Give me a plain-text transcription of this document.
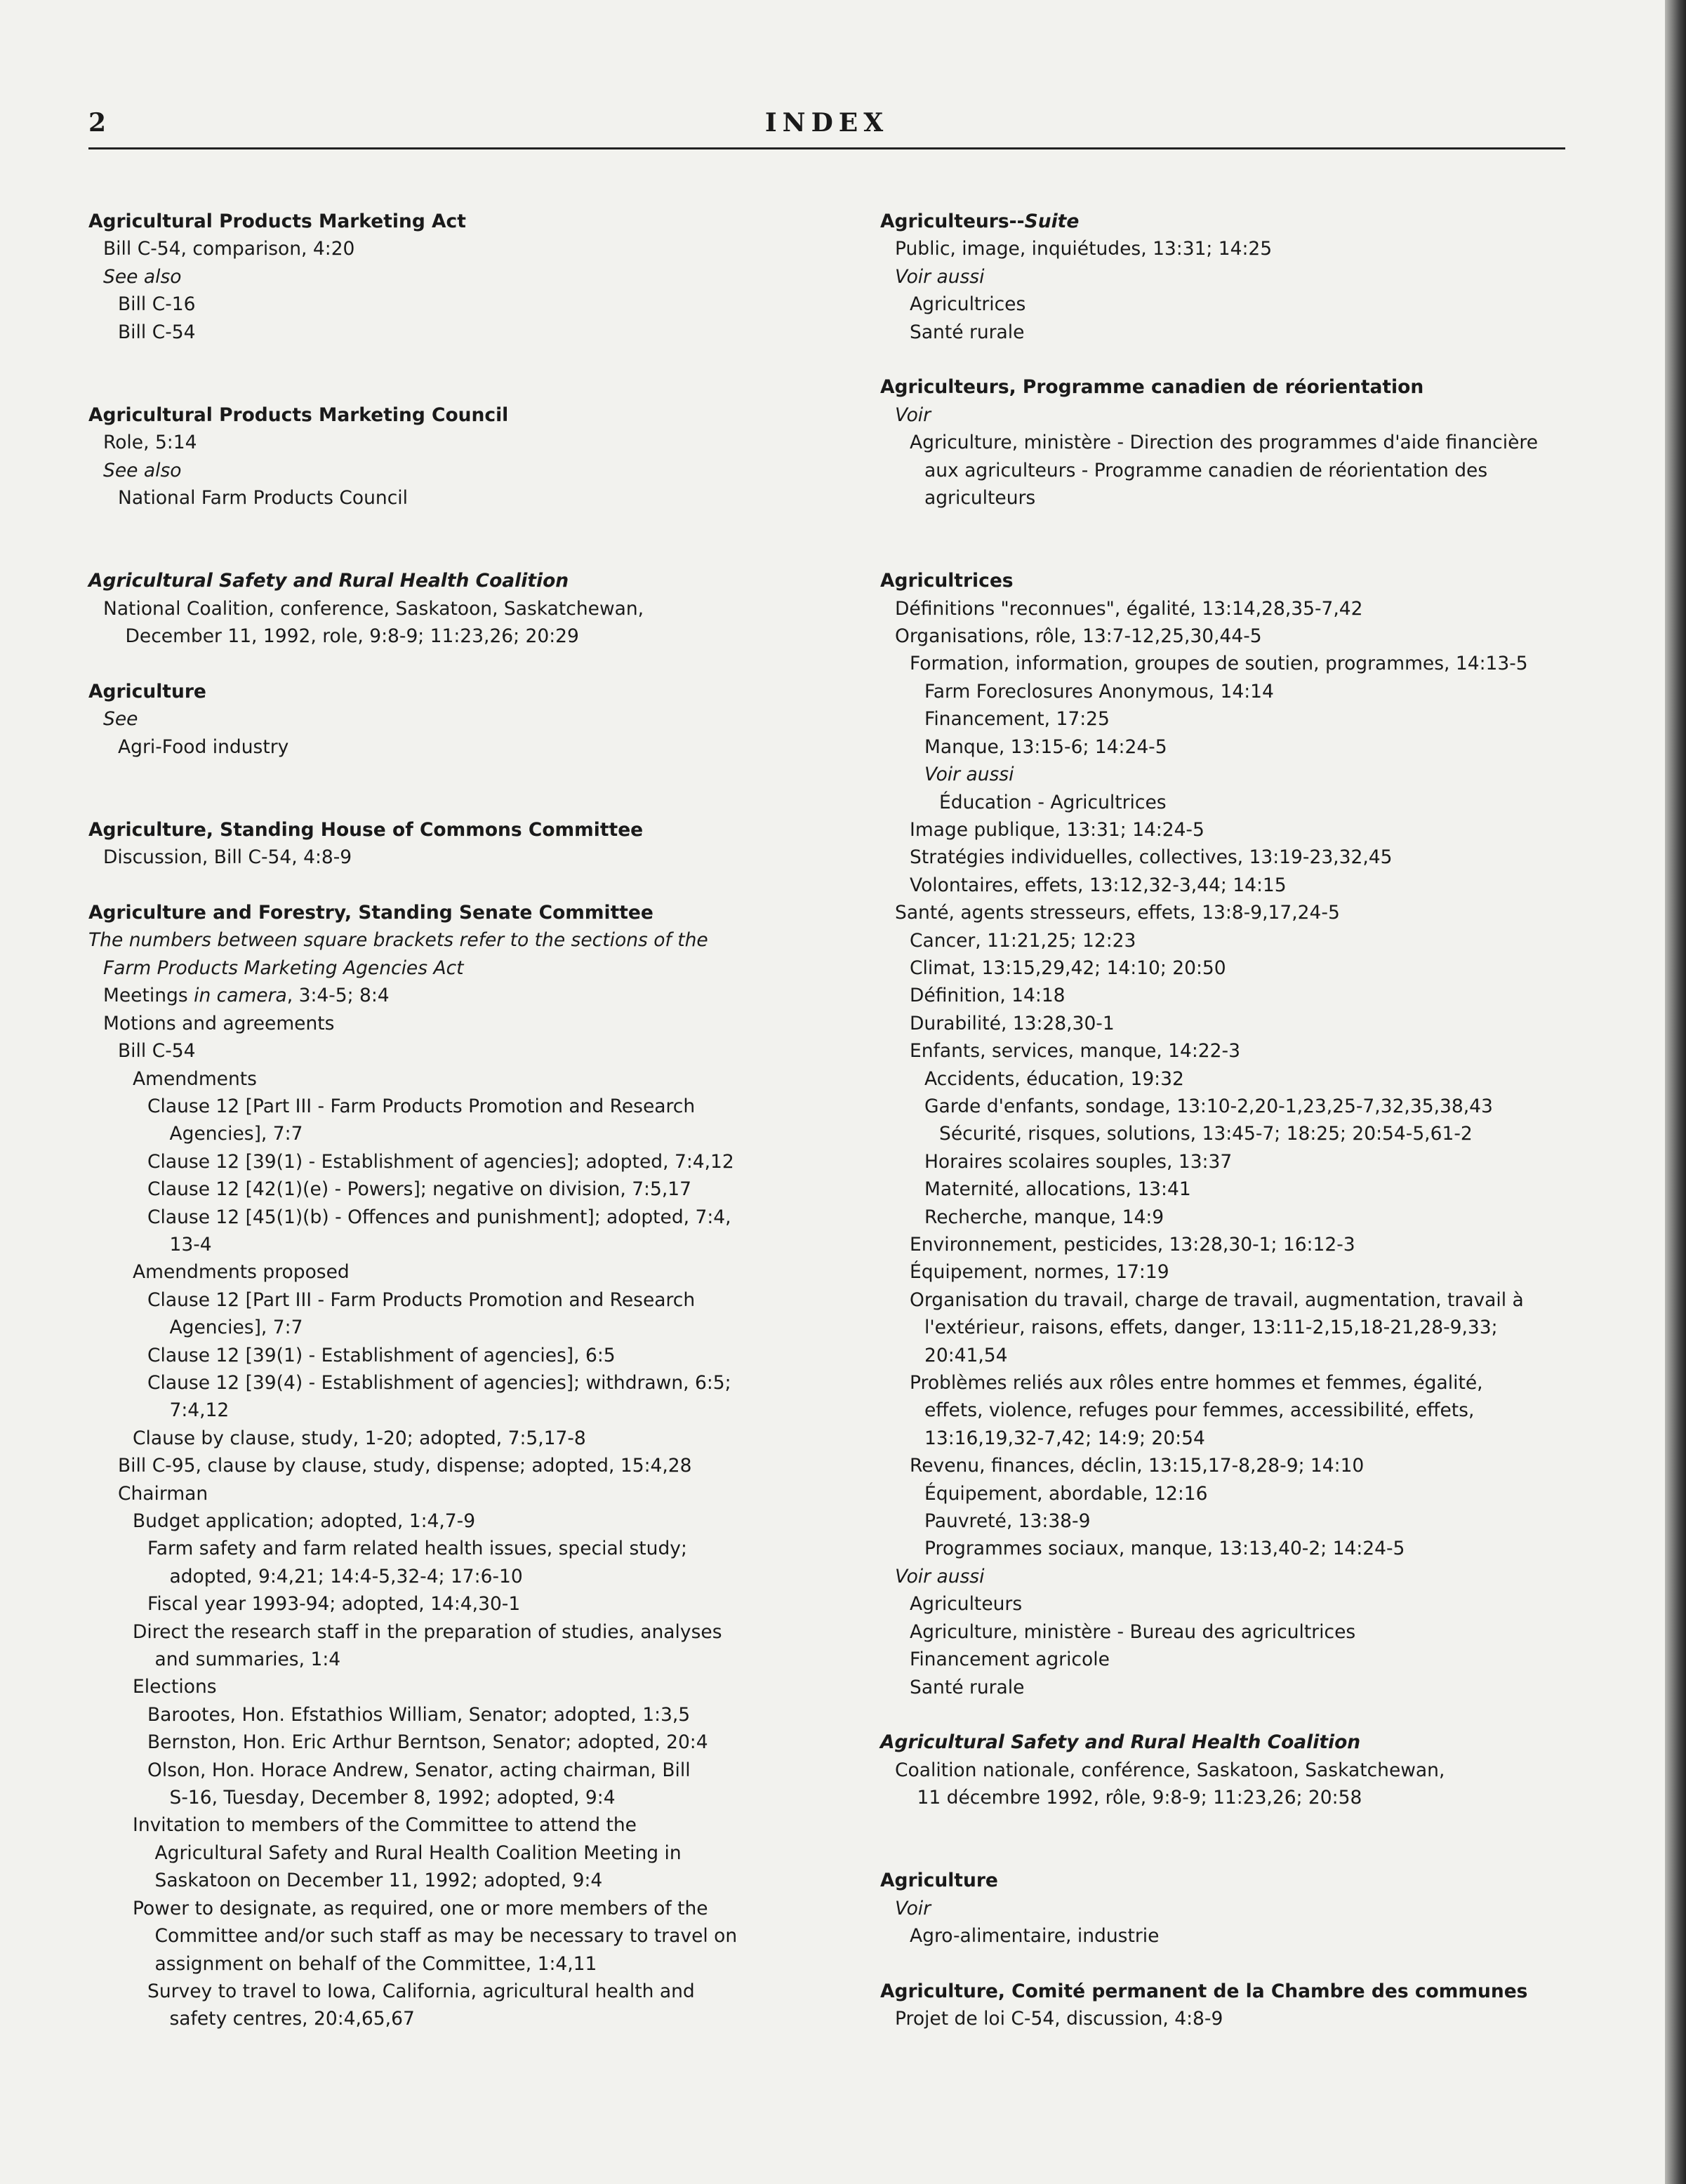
2	INDEX
Agricultural Products Marketing Act
Bill C-54, comparison, 4:20
See also
Bill C-16
Bill C-54
Agricultural Products Marketing Council
Role, 5:14
See also
National Farm Products Council
Agricultural Safety and Rural Health Coalition
National Coalition, conference, Saskatoon, Saskatchewan,
December 11, 1992, role, 9:8-9; 11:23,26; 20:29
Agriculture
See
Agri-Food industry
Agriculture, Standing House of Commons Committee
Discussion, Bill C-54, 4:8-9
Agriculture and Forestry, Standing Senate Committee
The numbers between square brackets refer to the sections of the
Farm Products Marketing Agencies Act
Meetings in camera, 3:4-5; 8:4
Motions and agreements
Bill C-54
Amendments
Clause 12 [Part III - Farm Products Promotion and Research
Agencies], 7:7
Clause 12 [39(1) - Establishment of agencies]; adopted, 7:4,12
Clause 12 [42(1)(e) - Powers]; negative on division, 7:5,17
Clause 12 [45(1)(b) - Offences and punishment]; adopted, 7:4,
13-4
Amendments proposed
Clause 12 [Part III - Farm Products Promotion and Research
Agencies], 7:7
Clause 12 [39(1) - Establishment of agencies], 6:5
Clause 12 [39(4) - Establishment of agencies]; withdrawn, 6:5;
7:4,12
Clause by clause, study, 1-20; adopted, 7:5,17-8
Bill C-95, clause by clause, study, dispense; adopted, 15:4,28
Chairman
Budget application; adopted, 1:4,7-9
Farm safety and farm related health issues, special study;
adopted, 9:4,21; 14:4-5,32-4; 17:6-10
Fiscal year 1993-94; adopted, 14:4,30-1
Direct the research staff in the preparation of studies, analyses
and summaries, 1:4
Elections
Barootes, Hon. Efstathios William, Senator; adopted, 1:3,5
Bernston, Hon. Eric Arthur Berntson, Senator; adopted, 20:4
Olson, Hon. Horace Andrew, Senator, acting chairman, Bill
S-16, Tuesday, December 8, 1992; adopted, 9:4
Invitation to members of the Committee to attend the
Agricultural Safety and Rural Health Coalition Meeting in
Saskatoon on December 11, 1992; adopted, 9:4
Power to designate, as required, one or more members of the
Committee and/or such staff as may be necessary to travel on
assignment on behalf of the Committee, 1:4,11
Survey to travel to Iowa, California, agricultural health and
safety centres, 20:4,65,67
Agriculteurs--Suite
Public, image, inquiétudes, 13:31; 14:25
Voir aussi
Agricultrices
Santé rurale
Agriculteurs, Programme canadien de réorientation
Voir
Agriculture, ministère - Direction des programmes d'aide financière
aux agriculteurs - Programme canadien de réorientation des
agriculteurs
Agricultrices
Définitions "reconnues", égalité, 13:14,28,35-7,42
Organisations, rôle, 13:7-12,25,30,44-5
Formation, information, groupes de soutien, programmes, 14:13-5
Farm Foreclosures Anonymous, 14:14
Financement, 17:25
Manque, 13:15-6; 14:24-5
Voir aussi
Éducation - Agricultrices
Image publique, 13:31; 14:24-5
Stratégies individuelles, collectives, 13:19-23,32,45
Volontaires, effets, 13:12,32-3,44; 14:15
Santé, agents stresseurs, effets, 13:8-9,17,24-5
Cancer, 11:21,25; 12:23
Climat, 13:15,29,42; 14:10; 20:50
Définition, 14:18
Durabilité, 13:28,30-1
Enfants, services, manque, 14:22-3
Accidents, éducation, 19:32
Garde d'enfants, sondage, 13:10-2,20-1,23,25-7,32,35,38,43
Sécurité, risques, solutions, 13:45-7; 18:25; 20:54-5,61-2
Horaires scolaires souples, 13:37
Maternité, allocations, 13:41
Recherche, manque, 14:9
Environnement, pesticides, 13:28,30-1; 16:12-3
Équipement, normes, 17:19
Organisation du travail, charge de travail, augmentation, travail à
l'extérieur, raisons, effets, danger, 13:11-2,15,18-21,28-9,33;
20:41,54
Problèmes reliés aux rôles entre hommes et femmes, égalité,
effets, violence, refuges pour femmes, accessibilité, effets,
13:16,19,32-7,42; 14:9; 20:54
Revenu, finances, déclin, 13:15,17-8,28-9; 14:10
Équipement, abordable, 12:16
Pauvreté, 13:38-9
Programmes sociaux, manque, 13:13,40-2; 14:24-5
Voir aussi
Agriculteurs
Agriculture, ministère - Bureau des agricultrices
Financement agricole
Santé rurale
Agricultural Safety and Rural Health Coalition
Coalition nationale, conférence, Saskatoon, Saskatchewan,
11 décembre 1992, rôle, 9:8-9; 11:23,26; 20:58
Agriculture
Voir
Agro-alimentaire, industrie
Agriculture, Comité permanent de la Chambre des communes
Projet de loi C-54, discussion, 4:8-9
